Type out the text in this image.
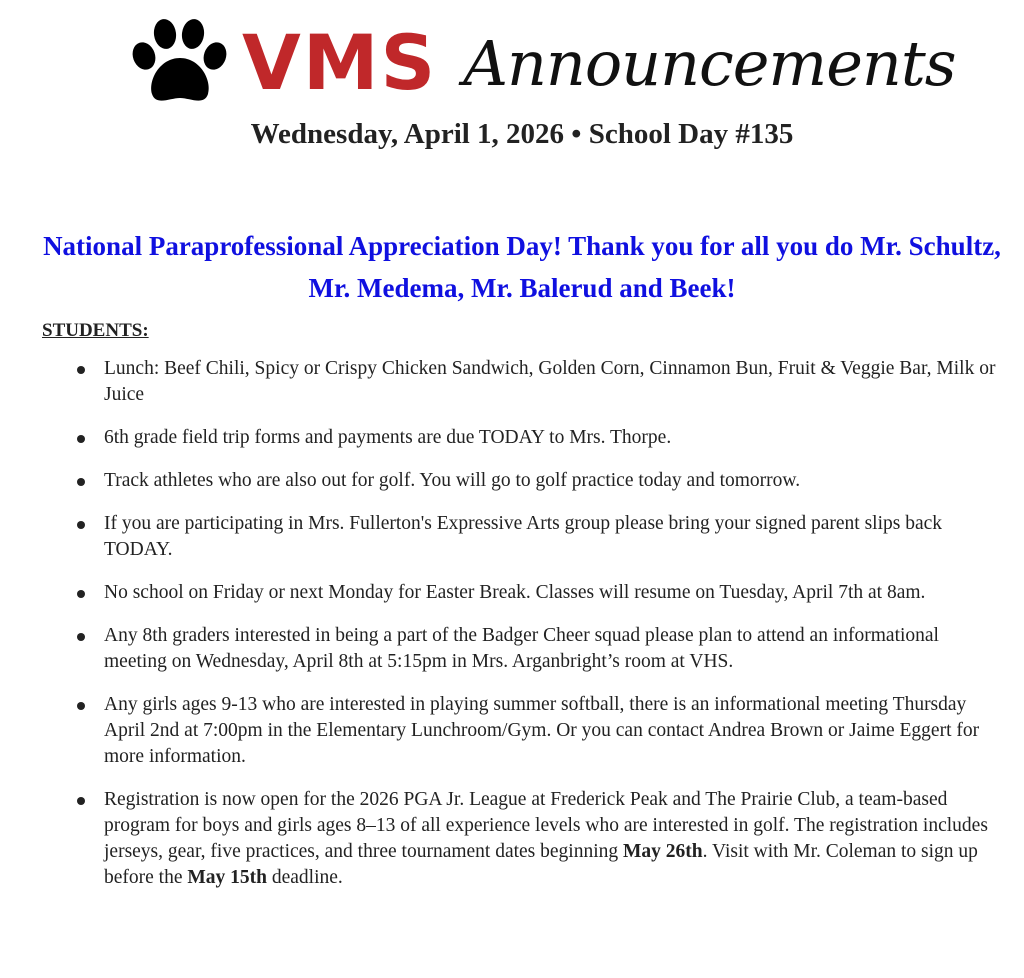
VMS Announcements
Wednesday, April 1, 2026 • School Day #135
National Paraprofessional Appreciation Day! Thank you for all you do Mr. Schultz, Mr. Medema, Mr. Balerud and Beek!
STUDENTS:
Lunch: Beef Chili, Spicy or Crispy Chicken Sandwich, Golden Corn, Cinnamon Bun, Fruit & Veggie Bar, Milk or Juice
6th grade field trip forms and payments are due TODAY to Mrs. Thorpe.
Track athletes who are also out for golf. You will go to golf practice today and tomorrow.
If you are participating in Mrs. Fullerton's Expressive Arts group please bring your signed parent slips back TODAY.
No school on Friday or next Monday for Easter Break. Classes will resume on Tuesday, April 7th at 8am.
Any 8th graders interested in being a part of the Badger Cheer squad please plan to attend an informational meeting on Wednesday, April 8th at 5:15pm in Mrs. Arganbright’s room at VHS.
Any girls ages 9-13 who are interested in playing summer softball, there is an informational meeting Thursday April 2nd at 7:00pm in the Elementary Lunchroom/Gym. Or you can contact Andrea Brown or Jaime Eggert for more information.
Registration is now open for the 2026 PGA Jr. League at Frederick Peak and The Prairie Club, a team-based program for boys and girls ages 8–13 of all experience levels who are interested in golf. The registration includes jerseys, gear, five practices, and three tournament dates beginning May 26th. Visit with Mr. Coleman to sign up before the May 15th deadline.
